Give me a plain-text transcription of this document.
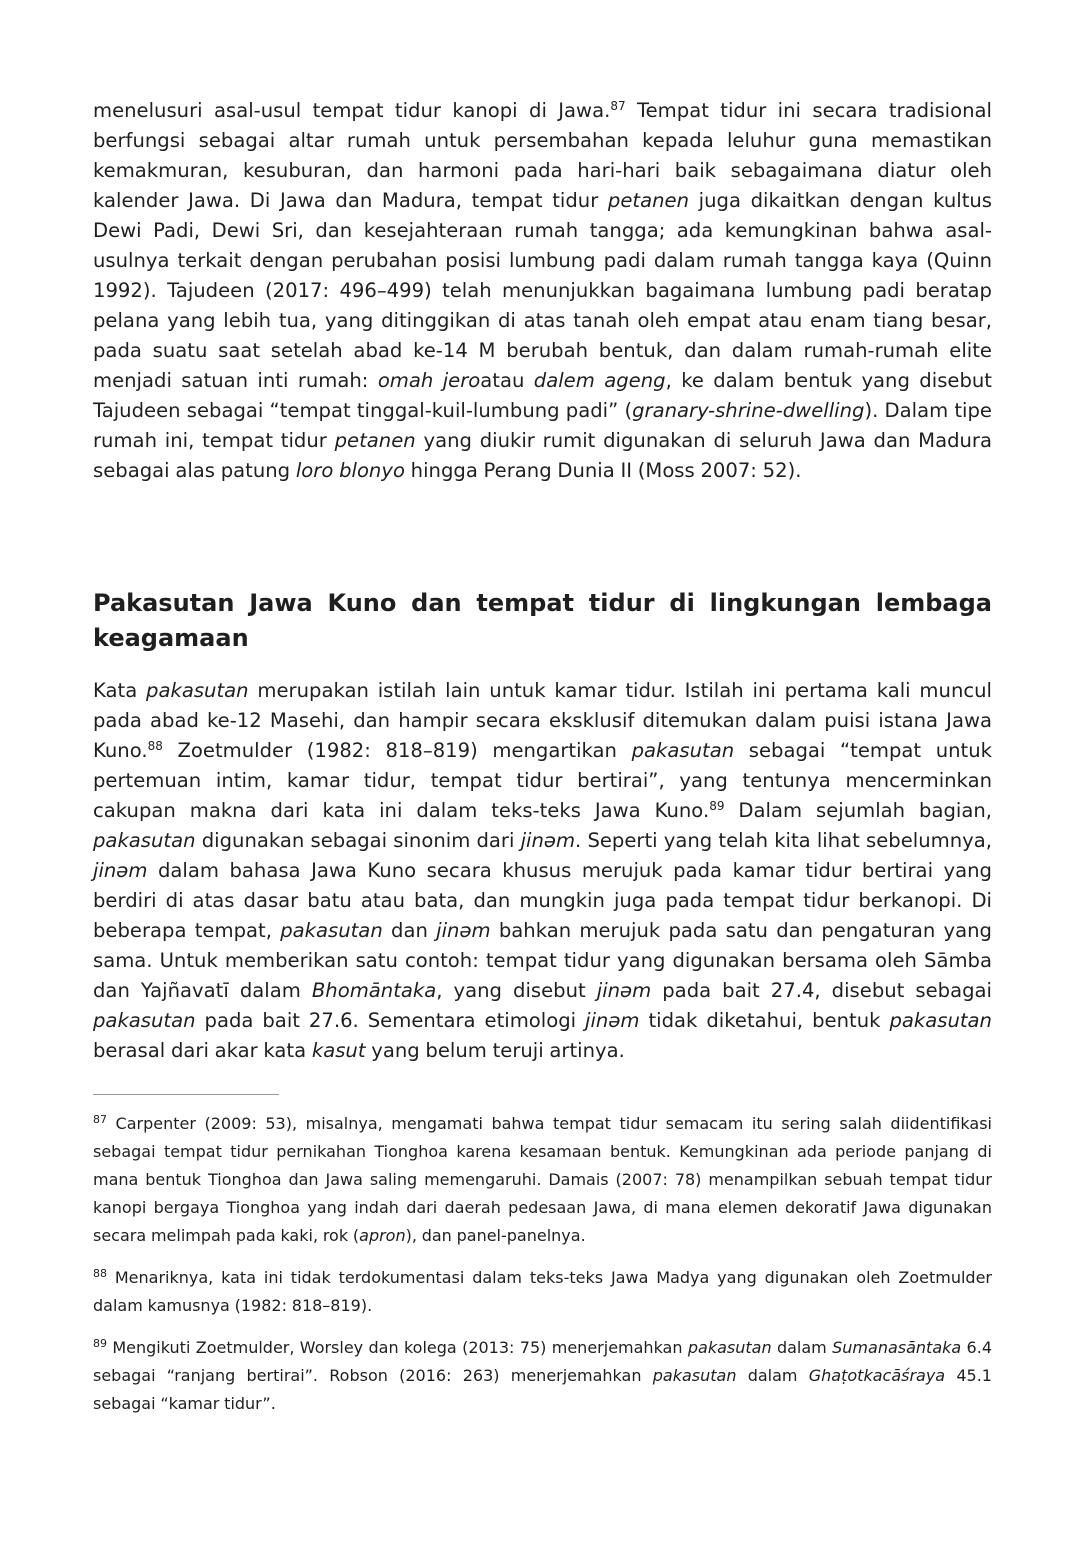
menelusuri asal-usul tempat tidur kanopi di Jawa.$^{87}$ Tempat tidur ini secara tradisional berfungsi sebagai altar rumah untuk persembahan kepada leluhur guna memastikan kemakmuran, kesuburan, dan harmoni pada hari-hari baik sebagaimana diatur oleh kalender Jawa. Di Jawa dan Madura, tempat tidur petanen juga dikaitkan dengan kultus Dewi Padi, Dewi Sri, dan kesejahteraan rumah tangga; ada kemungkinan bahwa asal-usulnya terkait dengan perubahan posisi lumbung padi dalam rumah tangga kaya (Quinn 1992). Tajudeen (2017: 496–499) telah menunjukkan bagaimana lumbung padi beratap pelana yang lebih tua, yang ditinggikan di atas tanah oleh empat atau enam tiang besar, pada suatu saat setelah abad ke-14 M berubah bentuk, dan dalam rumah-rumah elite menjadi satuan inti rumah: omah jeroatau dalem ageng, ke dalam bentuk yang disebut Tajudeen sebagai “tempat tinggal-kuil-lumbung padi” (granary-shrine-dwelling). Dalam tipe rumah ini, tempat tidur petanen yang diukir rumit digunakan di seluruh Jawa dan Madura sebagai alas patung loro blonyo hingga Perang Dunia II (Moss 2007: 52).

Pakasutan Jawa Kuno dan tempat tidur di lingkungan lembaga keagamaan

Kata pakasutan merupakan istilah lain untuk kamar tidur. Istilah ini pertama kali muncul pada abad ke-12 Masehi, dan hampir secara eksklusif ditemukan dalam puisi istana Jawa Kuno.$^{88}$ Zoetmulder (1982: 818–819) mengartikan pakasutan sebagai “tempat untuk pertemuan intim, kamar tidur, tempat tidur bertirai”, yang tentunya mencerminkan cakupan makna dari kata ini dalam teks-teks Jawa Kuno.$^{89}$ Dalam sejumlah bagian, pakasutan digunakan sebagai sinonim dari jinəm. Seperti yang telah kita lihat sebelumnya, jinəm dalam bahasa Jawa Kuno secara khusus merujuk pada kamar tidur bertirai yang berdiri di atas dasar batu atau bata, dan mungkin juga pada tempat tidur berkanopi. Di beberapa tempat, pakasutan dan jinəm bahkan merujuk pada satu dan pengaturan yang sama. Untuk memberikan satu contoh: tempat tidur yang digunakan bersama oleh Sāmba dan Yajñavatī dalam Bhomāntaka, yang disebut jinəm pada bait 27.4, disebut sebagai pakasutan pada bait 27.6. Sementara etimologi jinəm tidak diketahui, bentuk pakasutan berasal dari akar kata kasut yang belum teruji artinya.

$^{87}$ Carpenter (2009: 53), misalnya, mengamati bahwa tempat tidur semacam itu sering salah diidentifikasi sebagai tempat tidur pernikahan Tionghoa karena kesamaan bentuk. Kemungkinan ada periode panjang di mana bentuk Tionghoa dan Jawa saling memengaruhi. Damais (2007: 78) menampilkan sebuah tempat tidur kanopi bergaya Tionghoa yang indah dari daerah pedesaan Jawa, di mana elemen dekoratif Jawa digunakan secara melimpah pada kaki, rok (apron), dan panel-panelnya.

$^{88}$ Menariknya, kata ini tidak terdokumentasi dalam teks-teks Jawa Madya yang digunakan oleh Zoetmulder dalam kamusnya (1982: 818–819).

$^{89}$ Mengikuti Zoetmulder, Worsley dan kolega (2013: 75) menerjemahkan pakasutan dalam Sumanasāntaka 6.4 sebagai “ranjang bertirai”. Robson (2016: 263) menerjemahkan pakasutan dalam Ghaṭotkacāśraya 45.1 sebagai “kamar tidur”.
